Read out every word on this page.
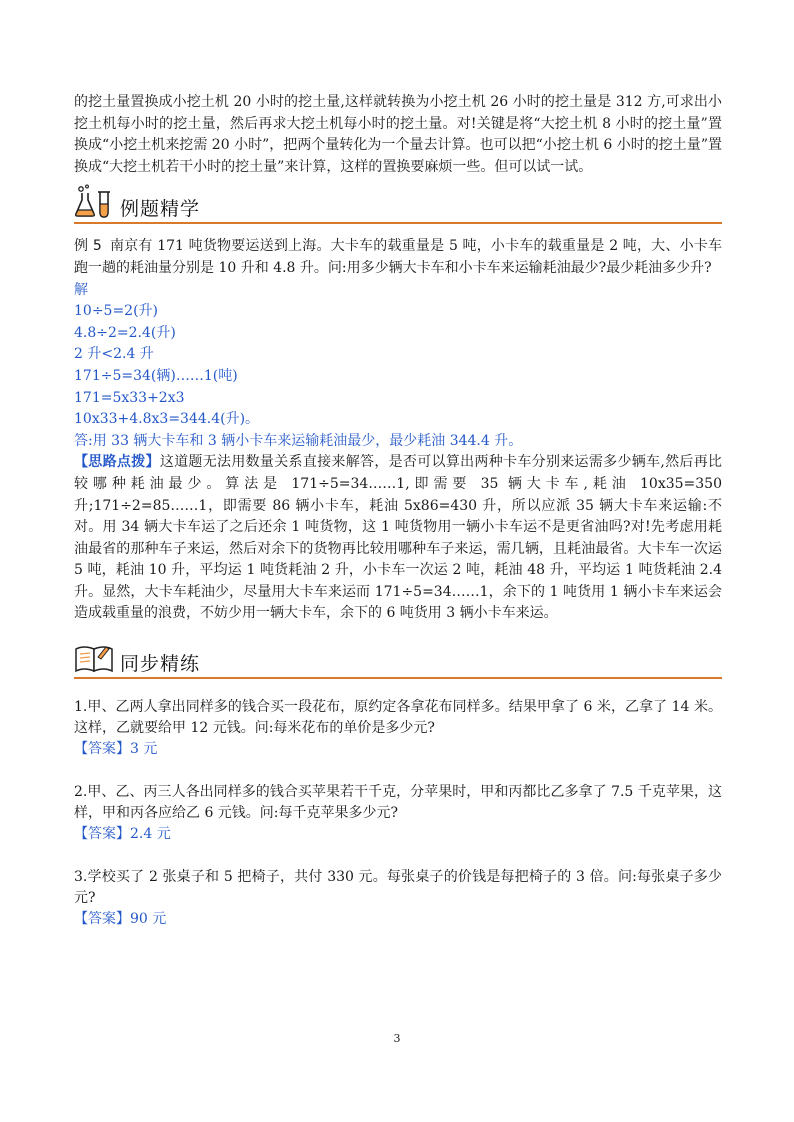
的挖土量置换成小挖土机 20 小时的挖土量,这样就转换为小挖土机 26 小时的挖土量是 312 方,可求出小挖土机每小时的挖土量，然后再求大挖土机每小时的挖土量。对!关键是将“大挖土机 8 小时的挖土量”置换成“小挖土机来挖需 20 小时”，把两个量转化为一个量去计算。也可以把“小挖土机 6 小时的挖土量”置换成“大挖土机若干小时的挖土量”来计算，这样的置换要麻烦一些。但可以试一试。

例题精学

例 5 南京有 171 吨货物要运送到上海。大卡车的载重量是 5 吨，小卡车的载重量是 2 吨，大、小卡车跑一趟的耗油量分别是 10 升和 4.8 升。问:用多少辆大卡车和小卡车来运输耗油最少?最少耗油多少升?

解
10÷5=2(升)
4.8÷2=2.4(升)
2 升<2.4 升
171÷5=34(辆)……1(吨)
171=5x33+2x3
10x33+4.8x3=344.4(升)。
答:用 33 辆大卡车和 3 辆小卡车来运输耗油最少，最少耗油 344.4 升。

【思路点拨】这道题无法用数量关系直接来解答，是否可以算出两种卡车分别来运需多少辆车,然后再比较哪种耗油最少。算法是 171÷5=34……1,即需要 35 辆大卡车,耗油 10x35=350 升;171÷2=85……1，即需要 86 辆小卡车，耗油 5x86=430 升，所以应派 35 辆大卡车来运输:不对。用 34 辆大卡车运了之后还余 1 吨货物，这 1 吨货物用一辆小卡车运不是更省油吗?对!先考虑用耗油最省的那种车子来运，然后对余下的货物再比较用哪种车子来运，需几辆，且耗油最省。大卡车一次运 5 吨，耗油 10 升，平均运 1 吨货耗油 2 升，小卡车一次运 2 吨，耗油 48 升，平均运 1 吨货耗油 2.4 升。显然，大卡车耗油少，尽量用大卡车来运而 171÷5=34……1，余下的 1 吨货用 1 辆小卡车来运会造成载重量的浪费，不妨少用一辆大卡车，余下的 6 吨货用 3 辆小卡车来运。

同步精练

1.甲、乙两人拿出同样多的钱合买一段花布，原约定各拿花布同样多。结果甲拿了 6 米，乙拿了 14 米。这样，乙就要给甲 12 元钱。问:每米花布的单价是多少元?

【答案】3 元

2.甲、乙、丙三人各出同样多的钱合买苹果若干千克，分苹果时，甲和丙都比乙多拿了 7.5 千克苹果，这样，甲和丙各应给乙 6 元钱。问:每千克苹果多少元?

【答案】2.4 元

3.学校买了 2 张桌子和 5 把椅子，共付 330 元。每张桌子的价钱是每把椅子的 3 倍。问:每张桌子多少元?

【答案】90 元

3
